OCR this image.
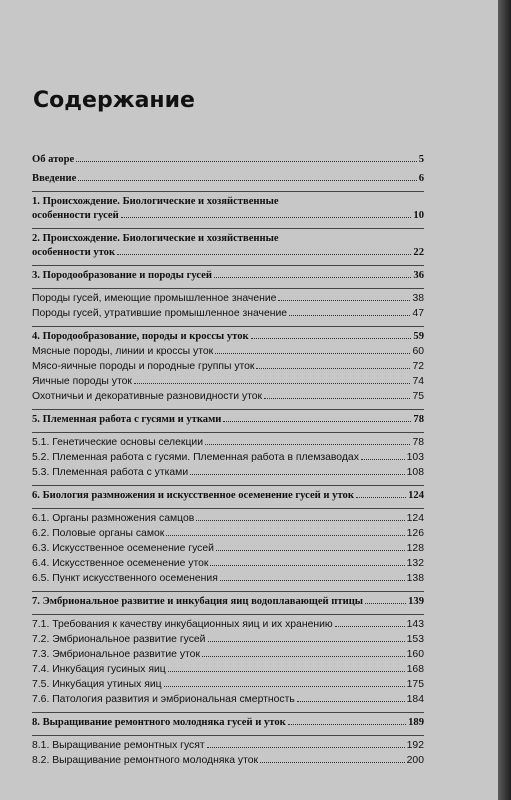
Содержание
Об аторе	5
Введение	6
1. Происхождение. Биологические и хозяйственные
особенности гусей	10
2. Происхождение. Биологические и хозяйственные
особенности уток	22
3. Породообразование и породы гусей	36
Породы гусей, имеющие промышленное значение	38
Породы гусей, утратившие промышленное значение	47
4. Породообразование, породы и кроссы уток	59
Мясные породы, линии и кроссы уток	60
Мясо-яичные породы и породные группы уток	72
Яичные породы уток	74
Охотничьи и декоративные разновидности уток	75
5. Племенная работа с гусями и утками	78
5.1. Генетические основы селекции	78
5.2. Племенная работа с гусями. Племенная работа в племзаводах	103
5.3. Племенная работа с утками	108
6. Биология размножения и искусственное осеменение гусей и уток	124
6.1. Органы размножения самцов	124
6.2. Половые органы самок	126
6.3. Искусственное осеменение гусей	128
6.4. Искусственное осеменение уток	132
6.5. Пункт искусственного осеменения	138
7. Эмбриональное развитие и инкубация яиц водоплавающей птицы	139
7.1. Требования к качеству инкубационных яиц и их хранению	143
7.2. Эмбриональное развитие гусей	153
7.3. Эмбриональное развитие уток	160
7.4. Инкубация гусиных яиц	168
7.5. Инкубация утиных яиц	175
7.6. Патология развития и эмбриональная смертность	184
8. Выращивание ремонтного молодняка гусей и уток	189
8.1. Выращивание ремонтных гусят	192
8.2. Выращивание ремонтного молодняка уток	200
